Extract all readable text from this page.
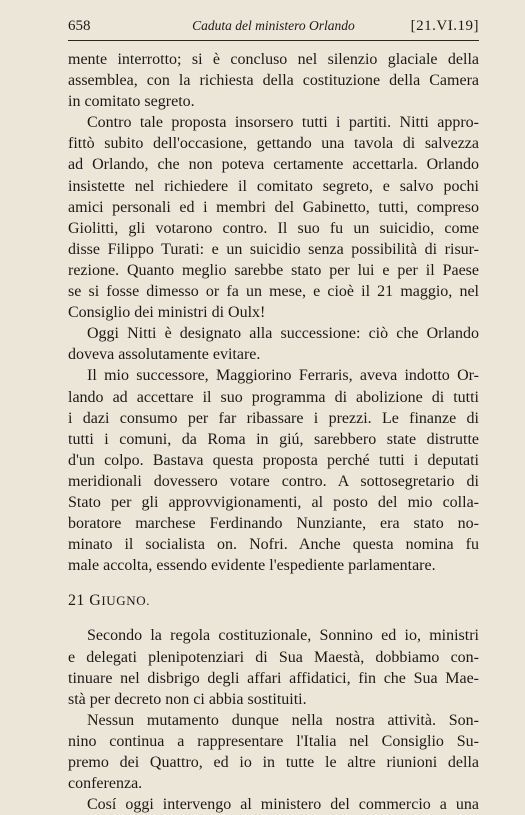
658	Caduta del ministero Orlando	[21.VI.19]
mente interrotto; si è concluso nel silenzio glaciale della
assemblea, con la richiesta della costituzione della Camera
in comitato segreto.
Contro tale proposta insorsero tutti i partiti. Nitti appro-
fittò subito dell'occasione, gettando una tavola di salvezza
ad Orlando, che non poteva certamente accettarla. Orlando
insistette nel richiedere il comitato segreto, e salvo pochi
amici personali ed i membri del Gabinetto, tutti, compreso
Giolitti, gli votarono contro. Il suo fu un suicidio, come
disse Filippo Turati: e un suicidio senza possibilità di risur-
rezione. Quanto meglio sarebbe stato per lui e per il Paese
se si fosse dimesso or fa un mese, e cioè il 21 maggio, nel
Consiglio dei ministri di Oulx!
Oggi Nitti è designato alla successione: ciò che Orlando
doveva assolutamente evitare.
Il mio successore, Maggiorino Ferraris, aveva indotto Or-
lando ad accettare il suo programma di abolizione di tutti
i dazi consumo per far ribassare i prezzi. Le finanze di
tutti i comuni, da Roma in giú, sarebbero state distrutte
d'un colpo. Bastava questa proposta perché tutti i deputati
meridionali dovessero votare contro. A sottosegretario di
Stato per gli approvvigionamenti, al posto del mio colla-
boratore marchese Ferdinando Nunziante, era stato no-
minato il socialista on. Nofri. Anche questa nomina fu
male accolta, essendo evidente l'espediente parlamentare.
21 GIUGNO.
Secondo la regola costituzionale, Sonnino ed io, ministri
e delegati plenipotenziari di Sua Maestà, dobbiamo con-
tinuare nel disbrigo degli affari affidatici, fin che Sua Mae-
stà per decreto non ci abbia sostituiti.
Nessun mutamento dunque nella nostra attività. Son-
nino continua a rappresentare l'Italia nel Consiglio Su-
premo dei Quattro, ed io in tutte le altre riunioni della
conferenza.
Cosí oggi intervengo al ministero del commercio a una
